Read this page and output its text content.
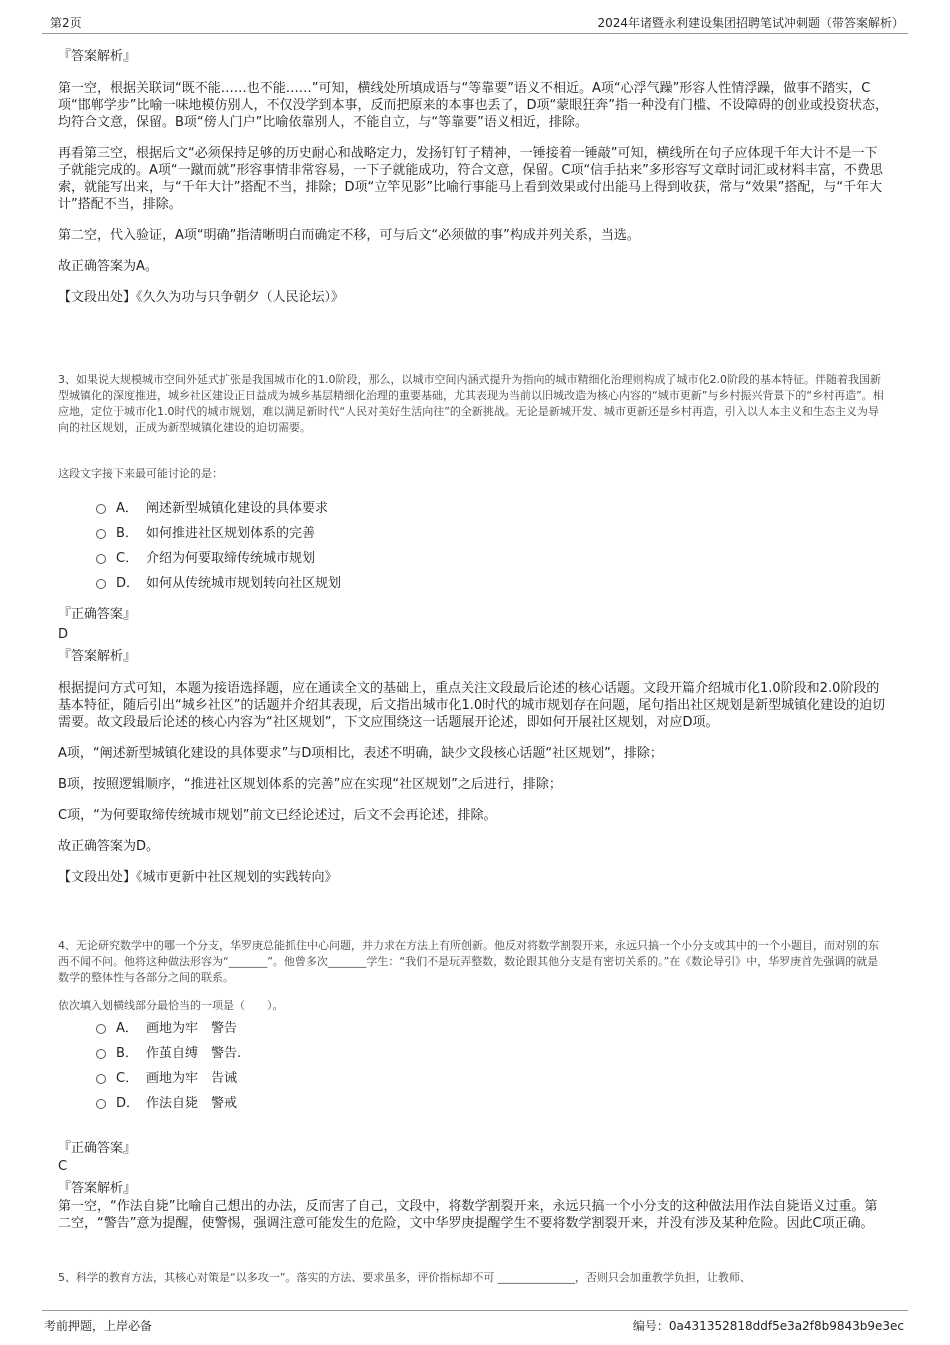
第2页	2024年诸暨永利建设集团招聘笔试冲刺题（带答案解析）
『答案解析』

第一空，根据关联词“既不能……也不能……”可知，横线处所填成语与“等靠要”语义不相近。A项“心浮气躁”形容人性情浮躁，做事不踏实，C项“邯郸学步”比喻一味地模仿别人，不仅没学到本事，反而把原来的本事也丢了，D项“蒙眼狂奔”指一种没有门槛、不设障碍的创业或投资状态，均符合文意，保留。B项“傍人门户”比喻依靠别人，不能自立，与“等靠要”语义相近，排除。

再看第三空，根据后文“必须保持足够的历史耐心和战略定力，发扬钉钉子精神，一锤接着一锤敲”可知，横线所在句子应体现千年大计不是一下子就能完成的。A项“一蹴而就”形容事情非常容易，一下子就能成功，符合文意，保留。C项“信手拈来”多形容写文章时词汇或材料丰富，不费思索，就能写出来，与“千年大计”搭配不当，排除；D项“立竿见影”比喻行事能马上看到效果或付出能马上得到收获，常与“效果”搭配，与“千年大计”搭配不当，排除。

第二空，代入验证，A项“明确”指清晰明白而确定不移，可与后文“必须做的事”构成并列关系，当选。

故正确答案为A。

【文段出处】《久久为功与只争朝夕（人民论坛）》

3、如果说大规模城市空间外延式扩张是我国城市化的1.0阶段，那么，以城市空间内涵式提升为指向的城市精细化治理则构成了城市化2.0阶段的基本特征。伴随着我国新型城镇化的深度推进，城乡社区建设正日益成为城乡基层精细化治理的重要基础，尤其表现为当前以旧城改造为核心内容的“城市更新”与乡村振兴背景下的“乡村再造”。相应地，定位于城市化1.0时代的城市规划，难以满足新时代“人民对美好生活向往”的全新挑战。无论是新城开发、城市更新还是乡村再造，引入以人本主义和生态主义为导向的社区规划，正成为新型城镇化建设的迫切需要。
这段文字接下来最可能讨论的是：
A． 阐述新型城镇化建设的具体要求
B． 如何推进社区规划体系的完善
C． 介绍为何要取缔传统城市规划
D． 如何从传统城市规划转向社区规划
『正确答案』
D
『答案解析』

根据提问方式可知，本题为接语选择题，应在通读全文的基础上，重点关注文段最后论述的核心话题。文段开篇介绍城市化1.0阶段和2.0阶段的基本特征，随后引出“城乡社区”的话题并介绍其表现，后文指出城市化1.0时代的城市规划存在问题，尾句指出社区规划是新型城镇化建设的迫切需要。故文段最后论述的核心内容为“社区规划”，下文应围绕这一话题展开论述，即如何开展社区规划，对应D项。

A项，“阐述新型城镇化建设的具体要求”与D项相比，表述不明确，缺少文段核心话题“社区规划”，排除；

B项，按照逻辑顺序，“推进社区规划体系的完善”应在实现“社区规划”之后进行，排除；

C项，“为何要取缔传统城市规划”前文已经论述过，后文不会再论述，排除。

故正确答案为D。

【文段出处】《城市更新中社区规划的实践转向》

4、无论研究数学中的哪一个分支，华罗庚总能抓住中心问题，并力求在方法上有所创新。他反对将数学割裂开来，永远只搞一个小分支或其中的一个小题目，而对别的东西不闻不问。他将这种做法形容为“_______”。他曾多次_______学生：“我们不是玩弄整数，数论跟其他分支是有密切关系的。”在《数论导引》中，华罗庚首先强调的就是数学的整体性与各部分之间的联系。
依次填入划横线部分最恰当的一项是（　　）。
A． 画地为牢　警告
B． 作茧自缚　警告.
C． 画地为牢　告诫
D． 作法自毙　警戒
『正确答案』
C
『答案解析』
第一空，“作法自毙”比喻自己想出的办法，反而害了自己，文段中，将数学割裂开来，永远只搞一个小分支的这种做法用作法自毙语义过重。第二空，“警告”意为提醒，使警惕，强调注意可能发生的危险，文中华罗庚提醒学生不要将数学割裂开来，并没有涉及某种危险。因此C项正确。
5、科学的教育方法，其核心对策是“以多攻一”。落实的方法、要求虽多，评价指标却不可 ______________，否则只会加重教学负担，让教师、
考前押题，上岸必备	编号：0a431352818ddf5e3a2f8b9843b9e3ec
